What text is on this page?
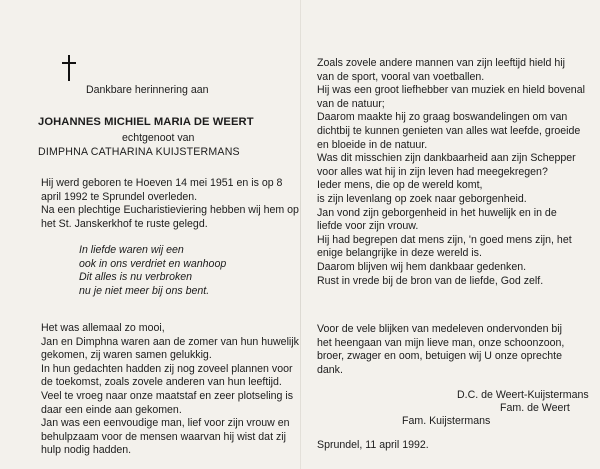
Dankbare herinnering aan

JOHANNES MICHIEL MARIA DE WEERT

echtgenoot van

DIMPHNA CATHARINA KUIJSTERMANS

Hij werd geboren te Hoeven 14 mei 1951 en is op 8
april 1992 te Sprundel overleden.
Na een plechtige Eucharistieviering hebben wij hem op
het St. Janskerkhof te ruste gelegd.
In liefde waren wij een
ook in ons verdriet en wanhoop
Dit alles is nu verbroken
nu je niet meer bij ons bent.
Het was allemaal zo mooi,
Jan en Dimphna waren aan de zomer van hun huwelijk
gekomen, zij waren samen gelukkig.
In hun gedachten hadden zij nog zoveel plannen voor
de toekomst, zoals zovele anderen van hun leeftijd.
Veel te vroeg naar onze maatstaf en zeer plotseling is
daar een einde aan gekomen.
Jan was een eenvoudige man, lief voor zijn vrouw en
behulpzaam voor de mensen waarvan hij wist dat zij
hulp nodig hadden.
Zoals zovele andere mannen van zijn leeftijd hield hij
van de sport, vooral van voetballen.
Hij was een groot liefhebber van muziek en hield bovenal
van de natuur;
Daarom maakte hij zo graag boswandelingen om van
dichtbij te kunnen genieten van alles wat leefde, groeide
en bloeide in de natuur.
Was dit misschien zijn dankbaarheid aan zijn Schepper
voor alles wat hij in zijn leven had meegekregen?
Ieder mens, die op de wereld komt,
is zijn levenlang op zoek naar geborgenheid.
Jan vond zijn geborgenheid in het huwelijk en in de
liefde voor zijn vrouw.
Hij had begrepen dat mens zijn, 'n goed mens zijn, het
enige belangrijke in deze wereld is.
Daarom blijven wij hem dankbaar gedenken.
Rust in vrede bij de bron van de liefde, God zelf.
Voor de vele blijken van medeleven ondervonden bij
het heengaan van mijn lieve man, onze schoonzoon,
broer, zwager en oom, betuigen wij U onze oprechte
dank.

D.C. de Weert-Kuijstermans

Fam. de Weert

Fam. Kuijstermans

Sprundel, 11 april 1992.
